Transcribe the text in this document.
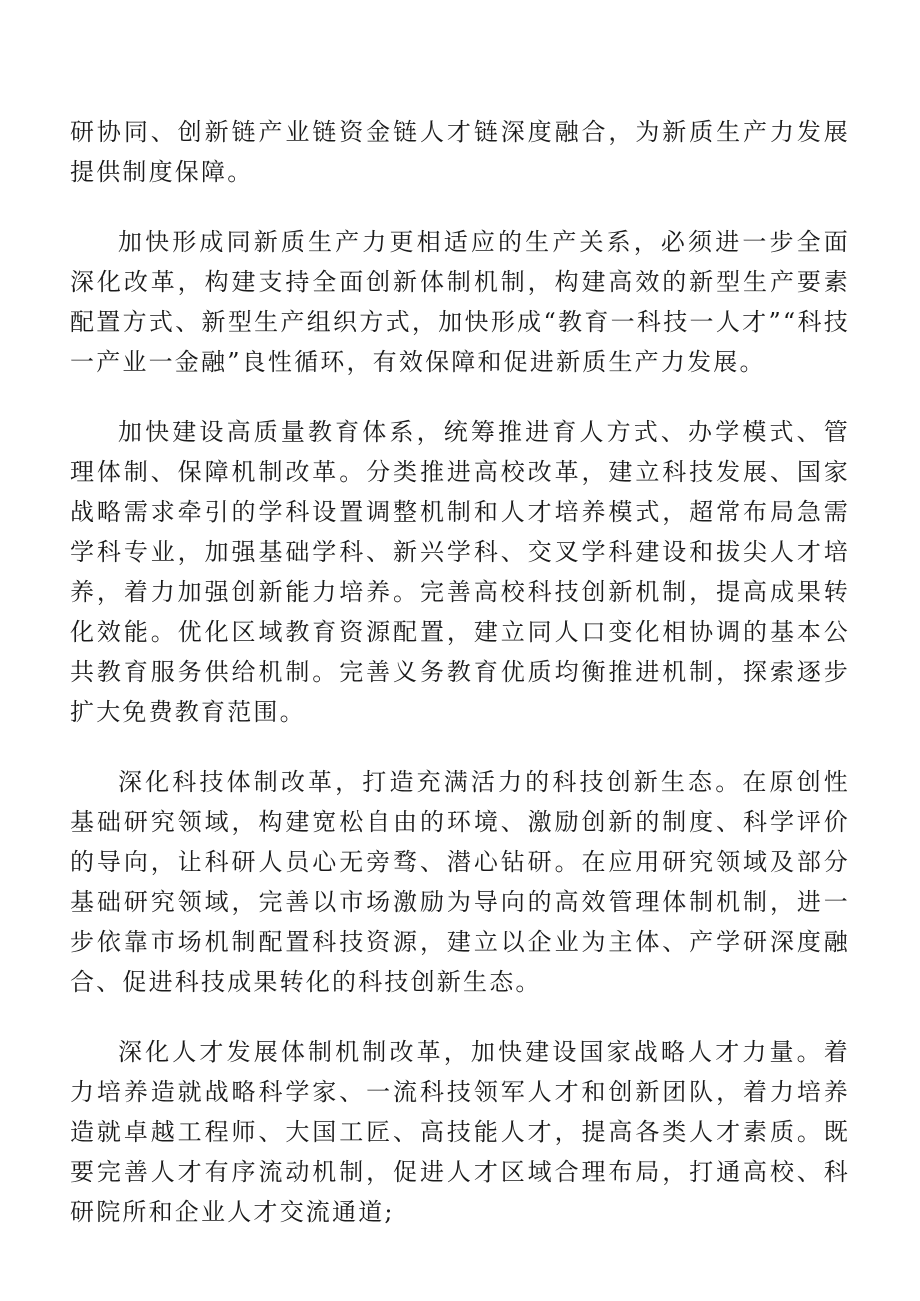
研协同、创新链产业链资金链人才链深度融合，为新质生产力发展提供制度保障。

加快形成同新质生产力更相适应的生产关系，必须进一步全面深化改革，构建支持全面创新体制机制，构建高效的新型生产要素配置方式、新型生产组织方式，加快形成“教育一科技一人才”“科技一产业一金融”良性循环，有效保障和促进新质生产力发展。

加快建设高质量教育体系，统筹推进育人方式、办学模式、管理体制、保障机制改革。分类推进高校改革，建立科技发展、国家战略需求牵引的学科设置调整机制和人才培养模式，超常布局急需学科专业，加强基础学科、新兴学科、交叉学科建设和拔尖人才培养，着力加强创新能力培养。完善高校科技创新机制，提高成果转化效能。优化区域教育资源配置，建立同人口变化相协调的基本公共教育服务供给机制。完善义务教育优质均衡推进机制，探索逐步扩大免费教育范围。

深化科技体制改革，打造充满活力的科技创新生态。在原创性基础研究领域，构建宽松自由的环境、激励创新的制度、科学评价的导向，让科研人员心无旁骛、潜心钻研。在应用研究领域及部分基础研究领域，完善以市场激励为导向的高效管理体制机制，进一步依靠市场机制配置科技资源，建立以企业为主体、产学研深度融合、促进科技成果转化的科技创新生态。

深化人才发展体制机制改革，加快建设国家战略人才力量。着力培养造就战略科学家、一流科技领军人才和创新团队，着力培养造就卓越工程师、大国工匠、高技能人才，提高各类人才素质。既要完善人才有序流动机制，促进人才区域合理布局，打通高校、科研院所和企业人才交流通道;
